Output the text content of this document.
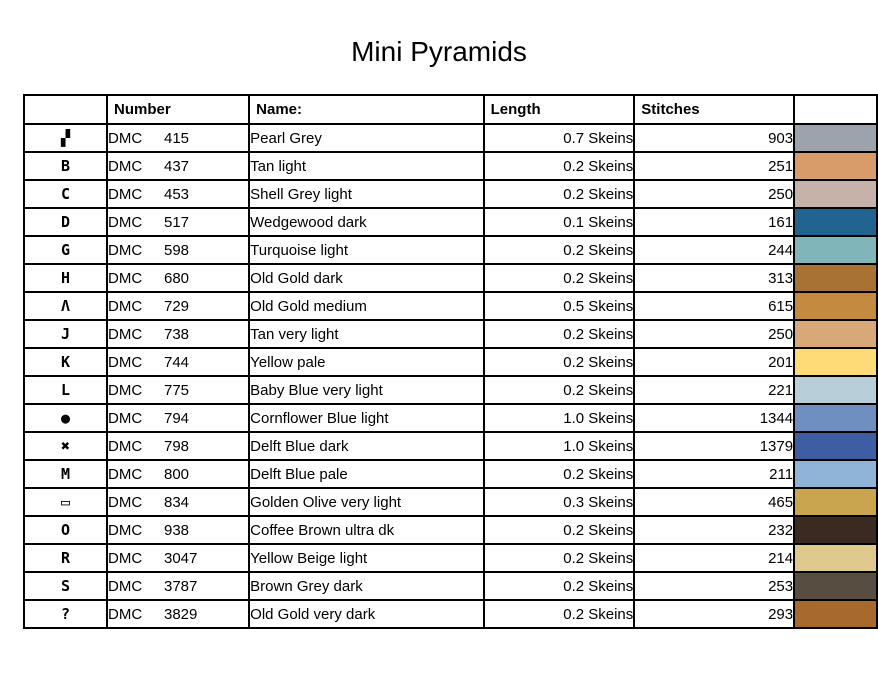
Mini Pyramids
	Number	Name:	Length	Stitches	
▞	DMC 415	Pearl Grey	0.7 Skeins	903	

B	DMC 437	Tan light	0.2 Skeins	251	

C	DMC 453	Shell Grey light	0.2 Skeins	250	

D	DMC 517	Wedgewood dark	0.1 Skeins	161	

G	DMC 598	Turquoise light	0.2 Skeins	244	

H	DMC 680	Old Gold dark	0.2 Skeins	313	

Λ	DMC 729	Old Gold medium	0.5 Skeins	615	

J	DMC 738	Tan very light	0.2 Skeins	250	

K	DMC 744	Yellow pale	0.2 Skeins	201	

L	DMC 775	Baby Blue very light	0.2 Skeins	221	

●	DMC 794	Cornflower Blue light	1.0 Skeins	1344	

✖	DMC 798	Delft Blue dark	1.0 Skeins	1379	

M	DMC 800	Delft Blue pale	0.2 Skeins	211	

▭	DMC 834	Golden Olive very light	0.3 Skeins	465	

O	DMC 938	Coffee Brown ultra dk	0.2 Skeins	232	

R	DMC 3047	Yellow Beige light	0.2 Skeins	214	

S	DMC 3787	Brown Grey dark	0.2 Skeins	253	

?	DMC 3829	Old Gold very dark	0.2 Skeins	293	
